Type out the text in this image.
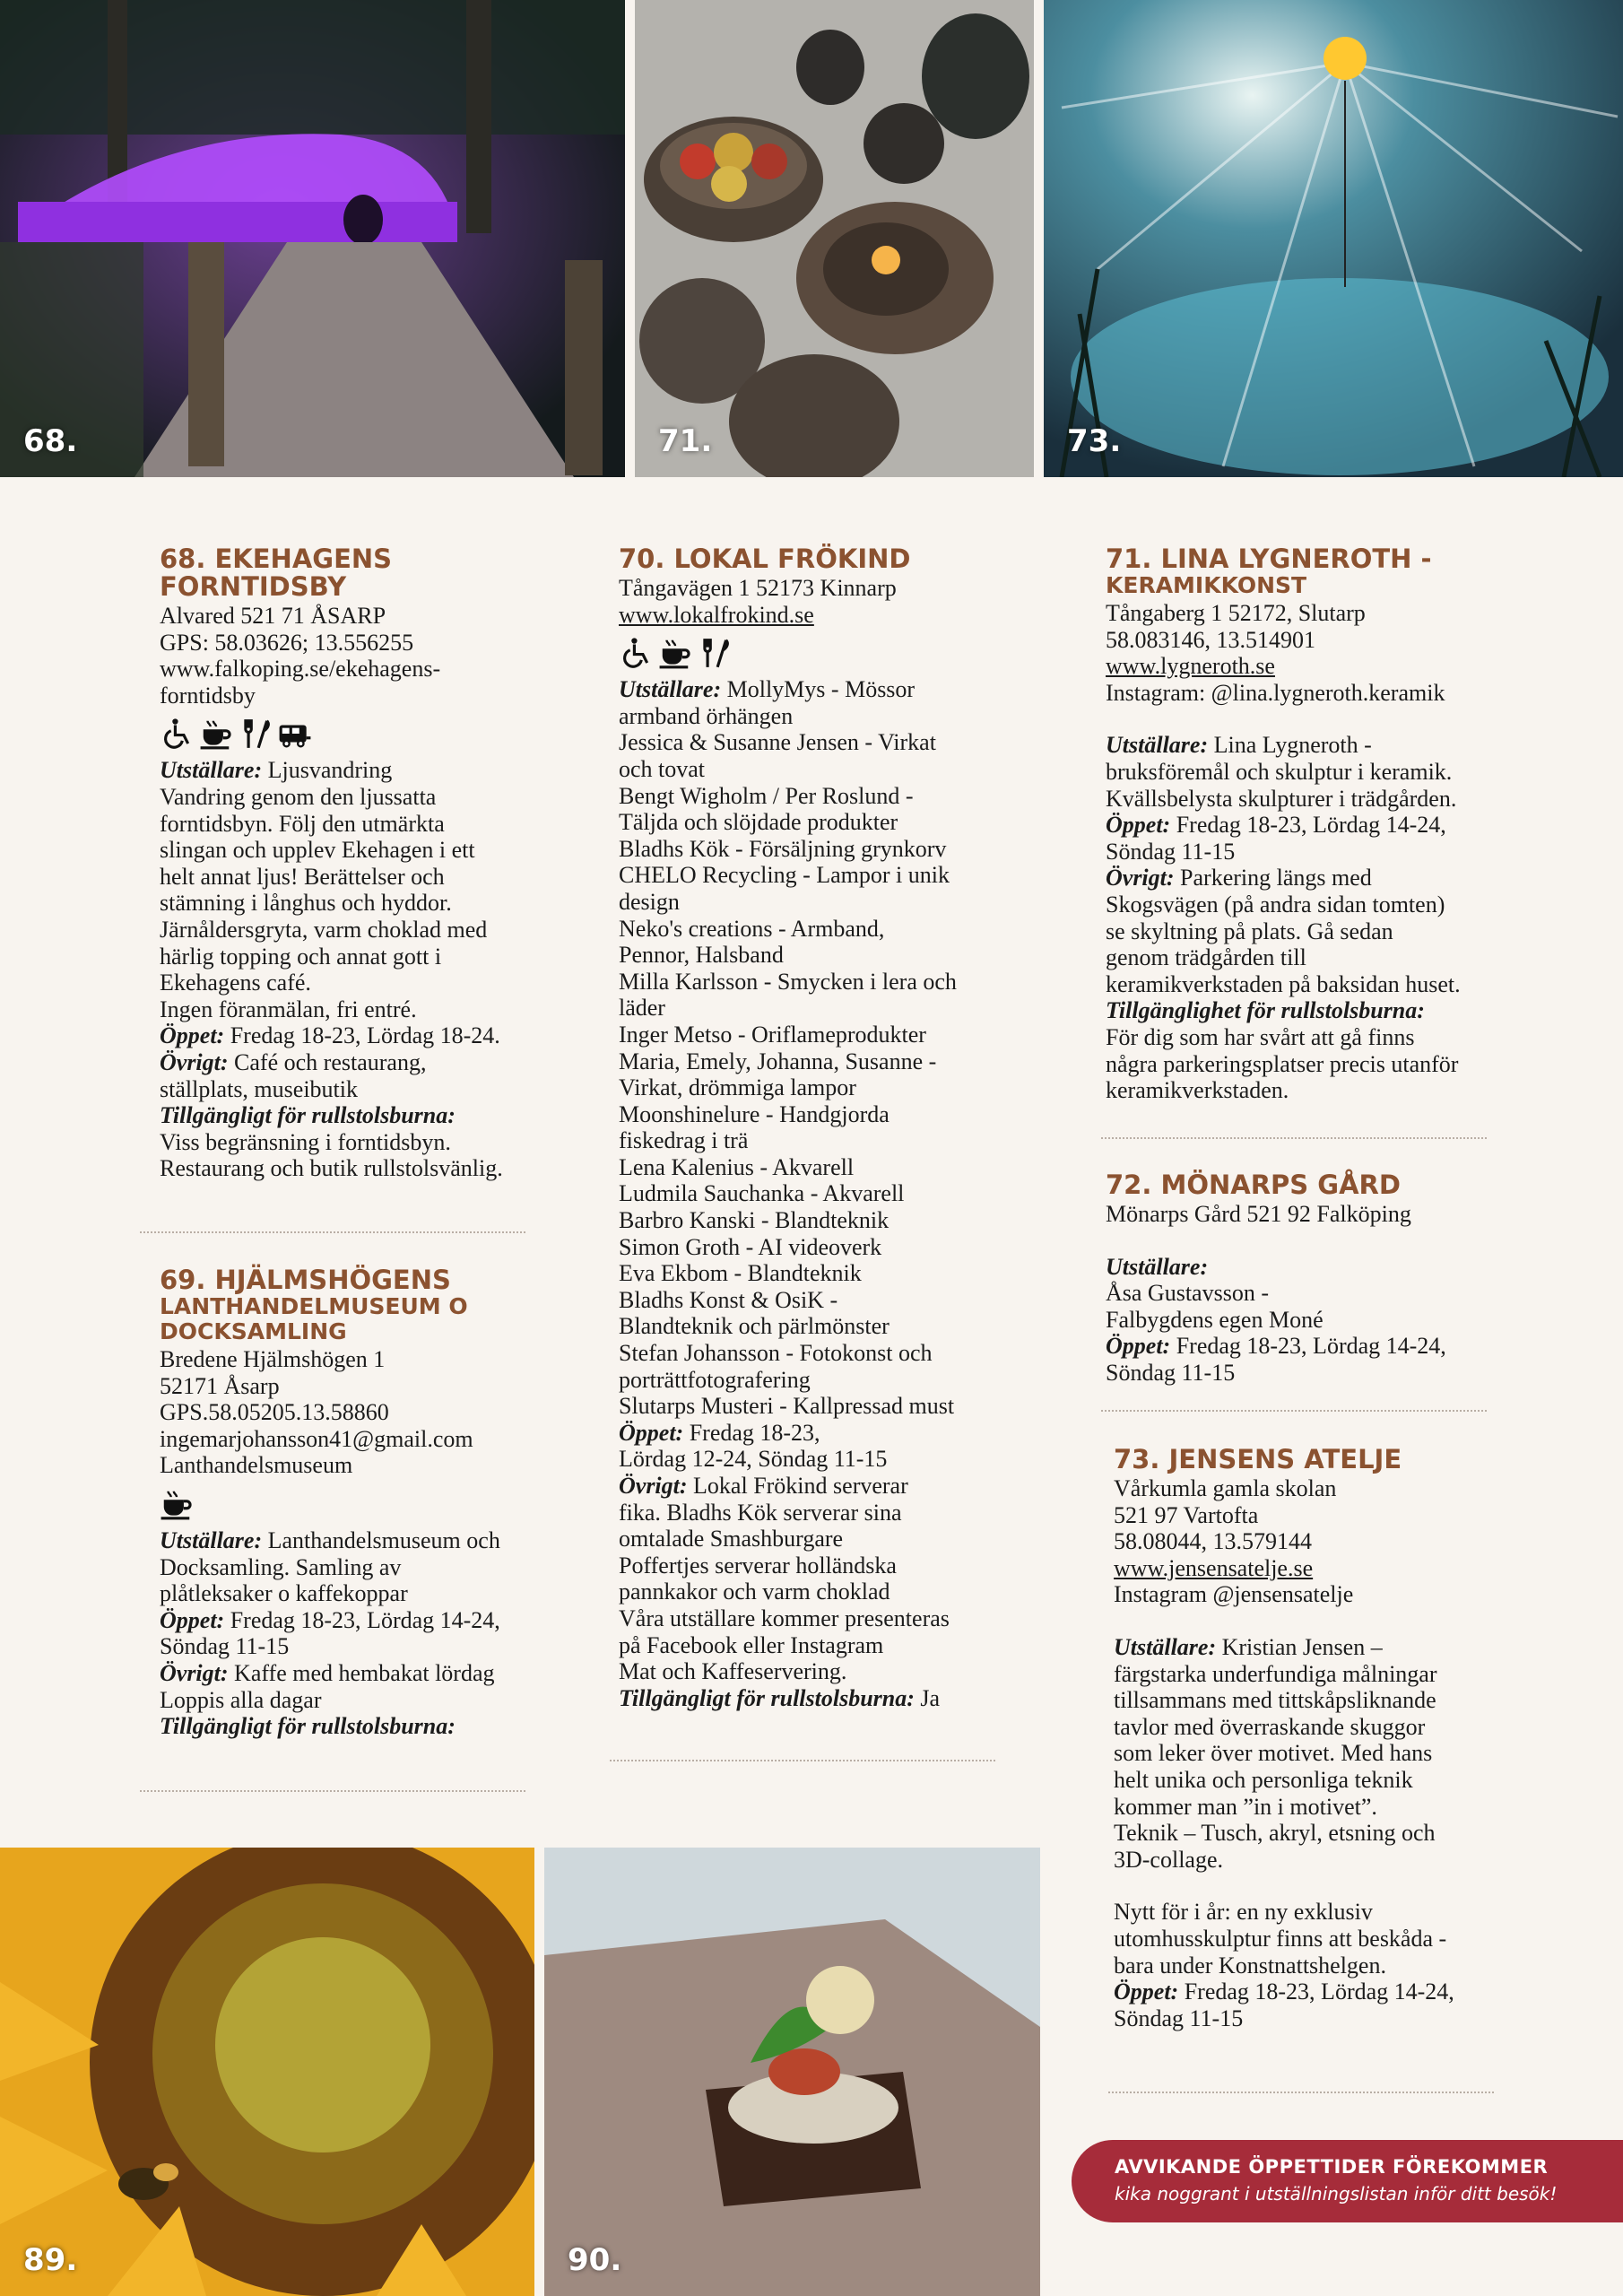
68.	71.	73.
68. EKEHAGENS FORNTIDSBY

Alvared 521 71 ÅSARP

GPS: 58.03626; 13.556255

www.falkoping.se/ekehagens-

forntidsby

Utställare: Ljusvandring

Vandring genom den ljussatta

forntidsbyn. Följ den utmärkta

slingan och upplev Ekehagen i ett

helt annat ljus! Berättelser och

stämning i långhus och hyddor.

Järnåldersgryta, varm choklad med

härlig topping och annat gott i

Ekehagens café.

Ingen föranmälan, fri entré.

Öppet: Fredag 18-23, Lördag 18-24.

Övrigt: Café och restaurang,

ställplats, museibutik

Tillgängligt för rullstolsburna:

Viss begränsning i forntidsbyn.

Restaurang och butik rullstolsvänlig.

69. HJÄLMSHÖGENS
LANTHANDELMUSEUM O
DOCKSAMLING

Bredene Hjälmshögen 1

52171 Åsarp

GPS.58.05205.13.58860

ingemarjohansson41@gmail.com

Lanthandelsmuseum

Utställare: Lanthandelsmuseum och

Docksamling. Samling av

plåtleksaker o kaffekoppar

Öppet: Fredag 18-23, Lördag 14-24,

Söndag 11-15

Övrigt: Kaffe med hembakat lördag

Loppis alla dagar

Tillgängligt för rullstolsburna:

70. LOKAL FRÖKIND

Tångavägen 1 52173 Kinnarp

www.lokalfrokind.se

Utställare: MollyMys - Mössor

armband örhängen

Jessica & Susanne Jensen - Virkat

och tovat

Bengt Wigholm / Per Roslund -

Täljda och slöjdade produkter

Bladhs Kök - Försäljning grynkorv

CHELO Recycling - Lampor i unik

design

Neko's creations - Armband,

Pennor, Halsband

Milla Karlsson - Smycken i lera och

läder

Inger Metso - Oriflameprodukter

Maria, Emely, Johanna, Susanne -

Virkat, drömmiga lampor

Moonshinelure - Handgjorda

fiskedrag i trä

Lena Kalenius - Akvarell

Ludmila Sauchanka - Akvarell

Barbro Kanski - Blandteknik

Simon Groth - AI videoverk

Eva Ekbom - Blandteknik

Bladhs Konst & OsiK -

Blandteknik och pärlmönster

Stefan Johansson - Fotokonst och

porträttfotografering

Slutarps Musteri - Kallpressad must

Öppet: Fredag 18-23,

Lördag 12-24, Söndag 11-15

Övrigt: Lokal Frökind serverar

fika. Bladhs Kök serverar sina

omtalade Smashburgare

Poffertjes serverar holländska

pannkakor och varm choklad

Våra utställare kommer presenteras

på Facebook eller Instagram

Mat och Kaffeservering.

Tillgängligt för rullstolsburna: Ja

71. LINA LYGNEROTH -
KERAMIKKONST

Tångaberg 1 52172, Slutarp

58.083146, 13.514901

www.lygneroth.se

Instagram: @lina.lygneroth.keramik

Utställare: Lina Lygneroth -

bruksföremål och skulptur i keramik.

Kvällsbelysta skulpturer i trädgården.

Öppet: Fredag 18-23, Lördag 14-24,

Söndag 11-15

Övrigt: Parkering längs med

Skogsvägen (på andra sidan tomten)

se skyltning på plats. Gå sedan

genom trädgården till

keramikverkstaden på baksidan huset.

Tillgänglighet för rullstolsburna:

För dig som har svårt att gå finns

några parkeringsplatser precis utanför

keramikverkstaden.

72. MÖNARPS GÅRD

Mönarps Gård 521 92 Falköping

Utställare:

Åsa Gustavsson -

Falbygdens egen Moné

Öppet: Fredag 18-23, Lördag 14-24,

Söndag 11-15

73. JENSENS ATELJE

Vårkumla gamla skolan

521 97 Vartofta

58.08044, 13.579144

www.jensensatelje.se

Instagram @jensensatelje

Utställare: Kristian Jensen –

färgstarka underfundiga målningar

tillsammans med tittskåpsliknande

tavlor med överraskande skuggor

som leker över motivet. Med hans

helt unika och personliga teknik

kommer man ”in i motivet”.

Teknik – Tusch, akryl, etsning och

3D-collage.

Nytt för i år: en ny exklusiv

utomhusskulptur finns att beskåda -

bara under Konstnattshelgen.

Öppet: Fredag 18-23, Lördag 14-24,

Söndag 11-15

89.	90.
AVVIKANDE ÖPPETTIDER FÖREKOMMER
kika noggrant i utställningslistan inför ditt besök!
